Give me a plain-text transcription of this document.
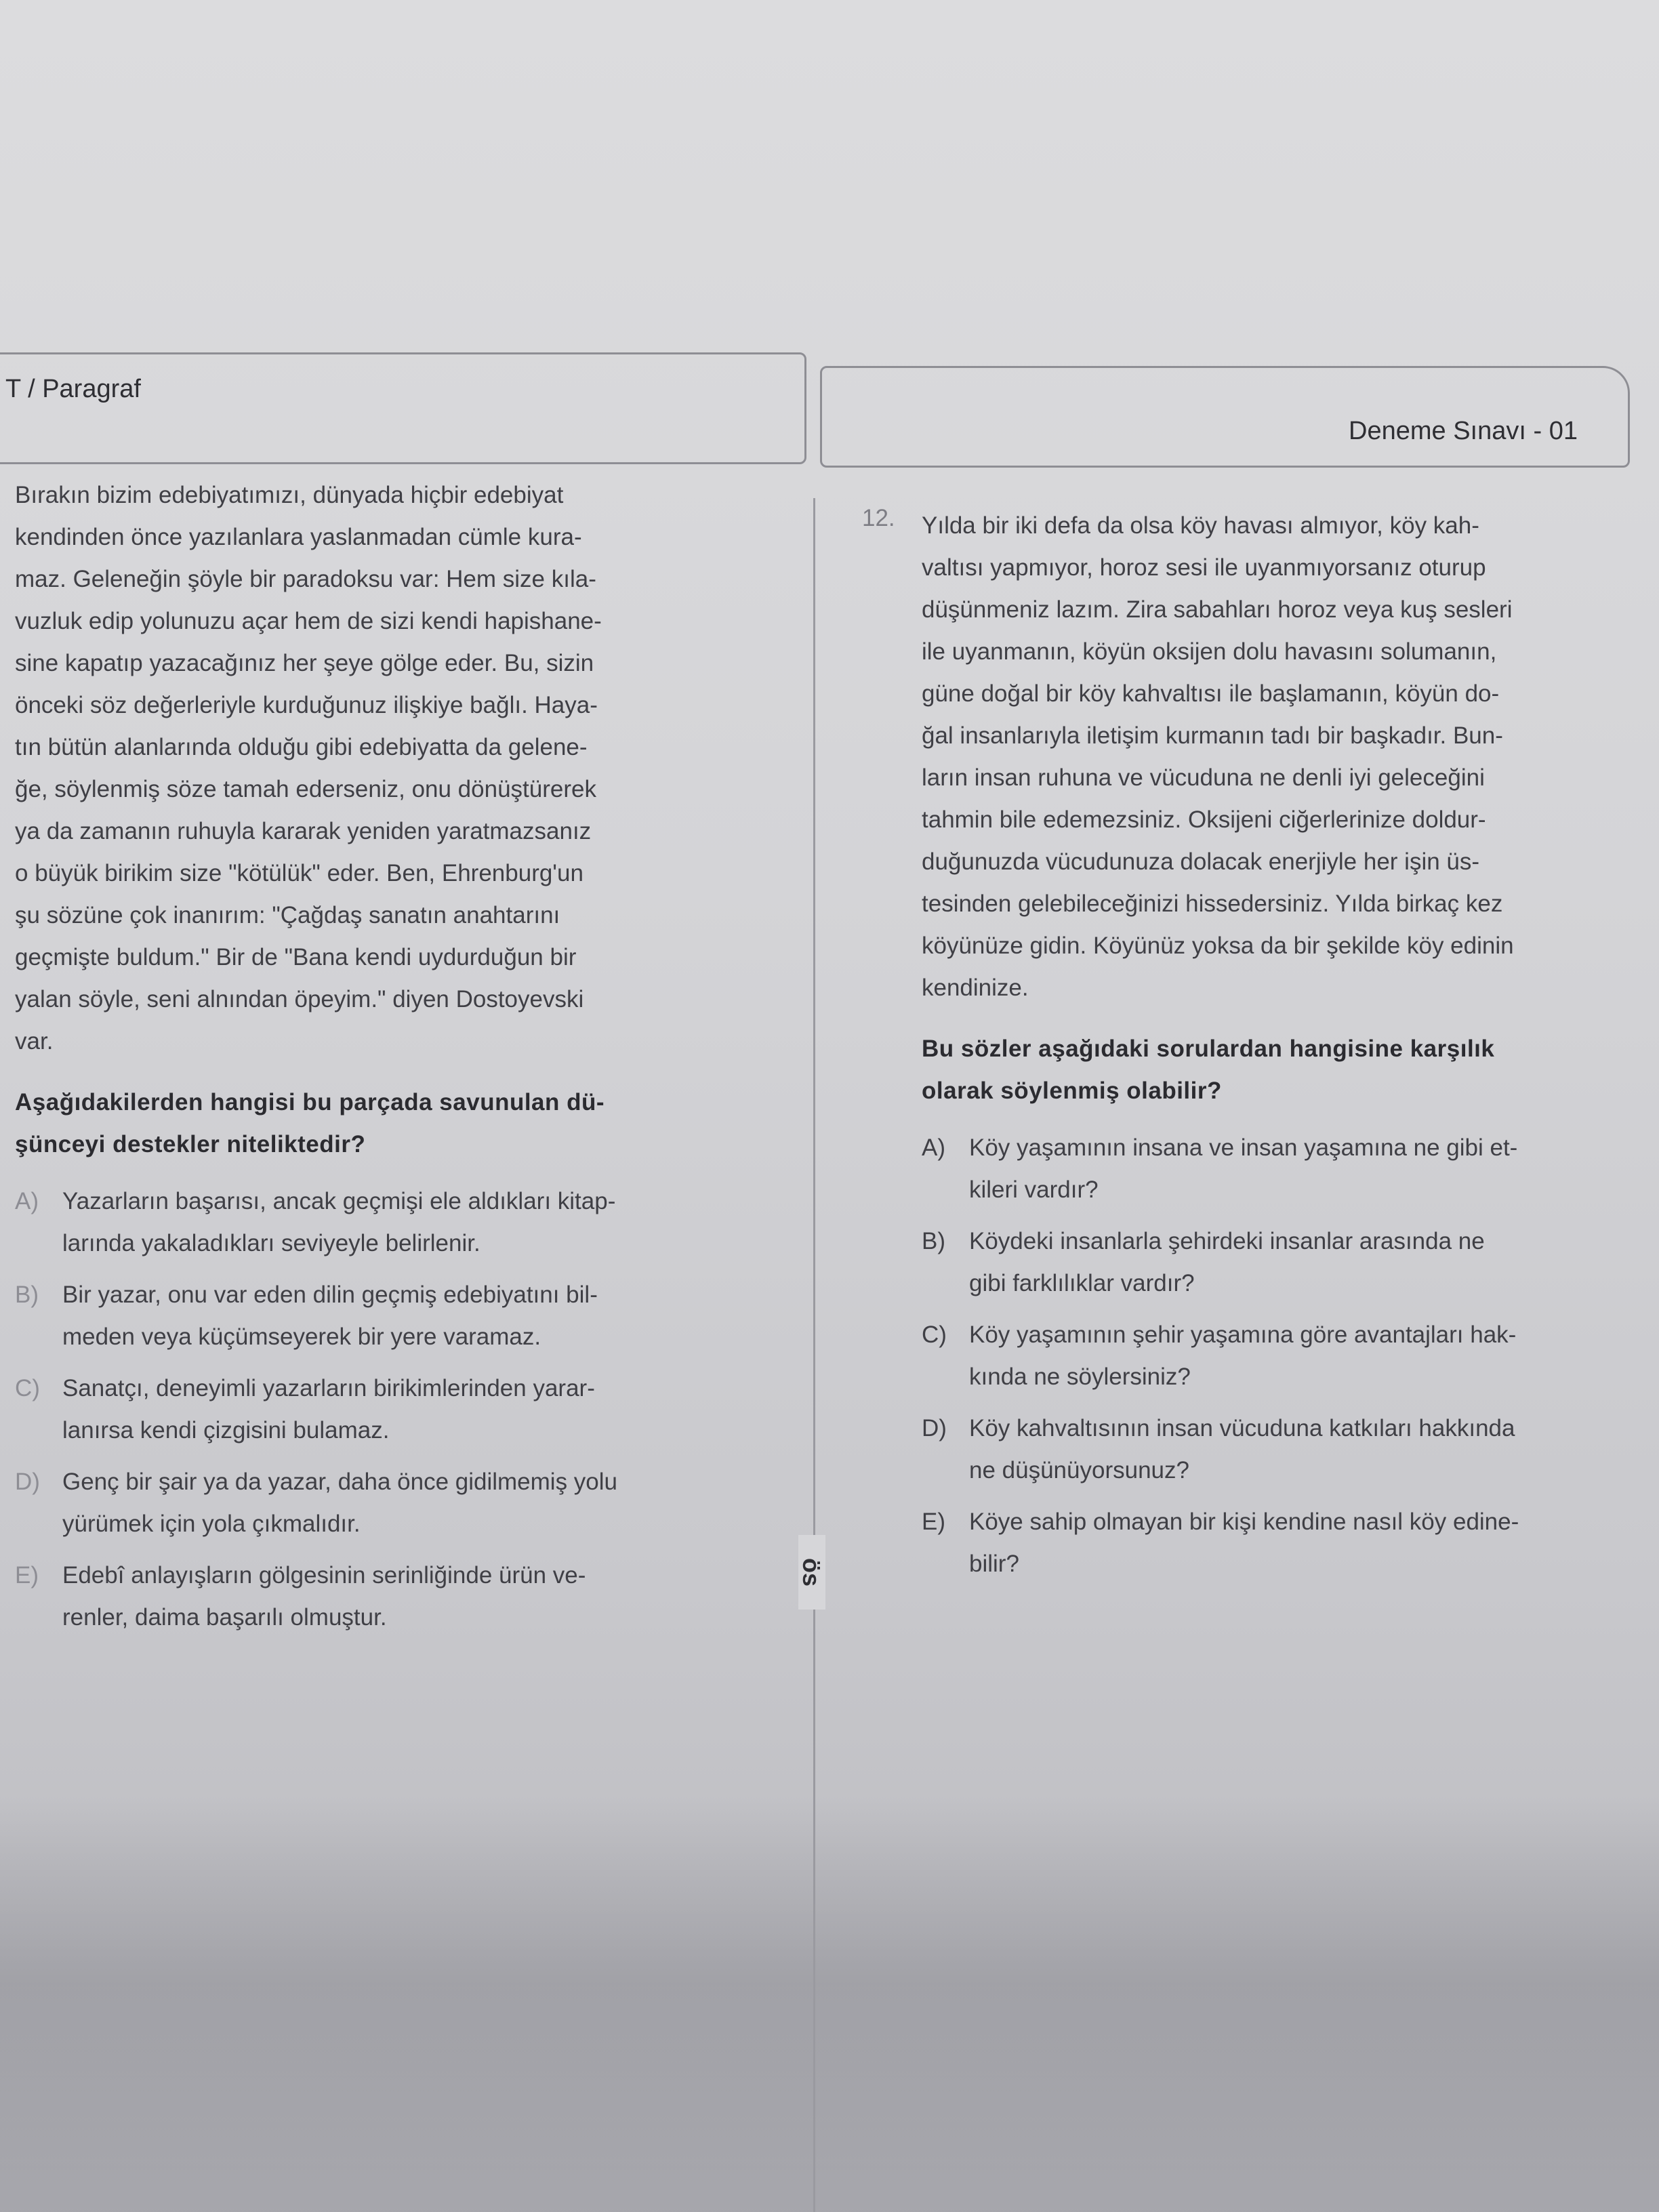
T / Paragraf
Deneme Sınavı - 01
Bırakın bizim edebiyatımızı, dünyada hiçbir edebiyat
kendinden önce yazılanlara yaslanmadan cümle kura-
maz. Geleneğin şöyle bir paradoksu var: Hem size kıla-
vuzluk edip yolunuzu açar hem de sizi kendi hapishane-
sine kapatıp yazacağınız her şeye gölge eder. Bu, sizin
önceki söz değerleriyle kurduğunuz ilişkiye bağlı. Haya-
tın bütün alanlarında olduğu gibi edebiyatta da gelene-
ğe, söylenmiş söze tamah ederseniz, onu dönüştürerek
ya da zamanın ruhuyla kararak yeniden yaratmazsanız
o büyük birikim size "kötülük" eder. Ben, Ehrenburg'un
şu sözüne çok inanırım: "Çağdaş sanatın anahtarını
geçmişte buldum." Bir de "Bana kendi uydurduğun bir
yalan söyle, seni alnından öpeyim." diyen Dostoyevski
var.
Aşağıdakilerden hangisi bu parçada savunulan dü-
şünceyi destekler niteliktedir?
A)	Yazarların başarısı, ancak geçmişi ele aldıkları kitap-
larında yakaladıkları seviyeyle belirlenir.
B)	Bir yazar, onu var eden dilin geçmiş edebiyatını bil-
meden veya küçümseyerek bir yere varamaz.
C) Sanatçı, deneyimli yazarların birikimlerinden yarar-
lanırsa kendi çizgisini bulamaz.
D) Genç bir şair ya da yazar, daha önce gidilmemiş yolu
yürümek için yola çıkmalıdır.
E)	Edebî anlayışların gölgesinin serinliğinde ürün ve-
renler, daima başarılı olmuştur.
12. Yılda bir iki defa da olsa köy havası almıyor, köy kah-
valtısı yapmıyor, horoz sesi ile uyanmıyorsanız oturup
düşünmeniz lazım. Zira sabahları horoz veya kuş sesleri
ile uyanmanın, köyün oksijen dolu havasını solumanın,
güne doğal bir köy kahvaltısı ile başlamanın, köyün do-
ğal insanlarıyla iletişim kurmanın tadı bir başkadır. Bun-
ların insan ruhuna ve vücuduna ne denli iyi geleceğini
tahmin bile edemezsiniz. Oksijeni ciğerlerinize doldur-
duğunuzda vücudunuza dolacak enerjiyle her işin üs-
tesinden gelebileceğinizi hissedersiniz. Yılda birkaç kez
köyünüze gidin. Köyünüz yoksa da bir şekilde köy edinin
kendinize.
Bu sözler aşağıdaki sorulardan hangisine karşılık
olarak söylenmiş olabilir?
A)	Köy yaşamının insana ve insan yaşamına ne gibi et-
kileri vardır?
B)	Köydeki insanlarla şehirdeki insanlar arasında ne
gibi farklılıklar vardır?
C) Köy yaşamının şehir yaşamına göre avantajları hak-
kında ne söylersiniz?
D) Köy kahvaltısının insan vücuduna katkıları hakkında
ne düşünüyorsunuz?
E)	Köye sahip olmayan bir kişi kendine nasıl köy edine-
bilir?
ös
